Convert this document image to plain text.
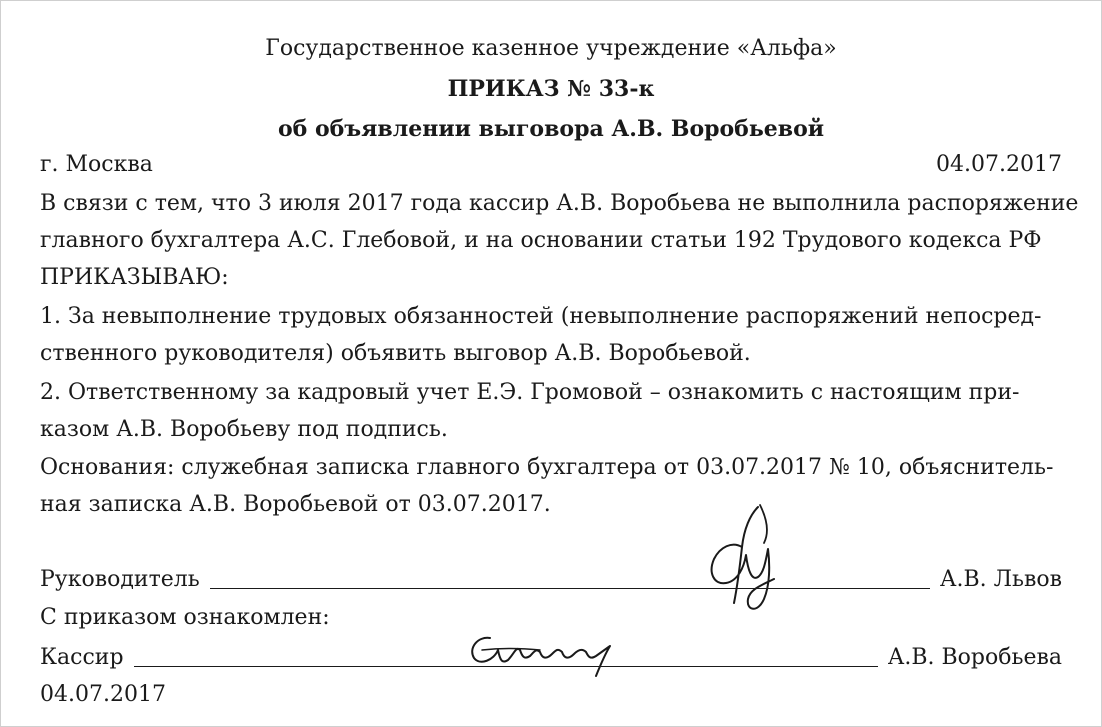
Государственное казенное учреждение «Альфа»
ПРИКАЗ № 33-к
об объявлении выговора А.В. Воробьевой
г. Москва	04.07.2017
В связи с тем, что 3 июля 2017 года кассир А.В. Воробьева не выполнила распоряжение
главного бухгалтера А.С. Глебовой, и на основании статьи 192 Трудового кодекса РФ
ПРИКАЗЫВАЮ:
1. За невыполнение трудовых обязанностей (невыполнение распоряжений непосред-
ственного руководителя) объявить выговор А.В. Воробьевой.
2. Ответственному за кадровый учет Е.Э. Громовой – ознакомить с настоящим при-
казом А.В. Воробьеву под подпись.
Основания: служебная записка главного бухгалтера от 03.07.2017 № 10, объяснитель-
ная записка А.В. Воробьевой от 03.07.2017.
Руководитель	А.В. Львов
С приказом ознакомлен:
Кассир	А.В. Воробьева
04.07.2017
